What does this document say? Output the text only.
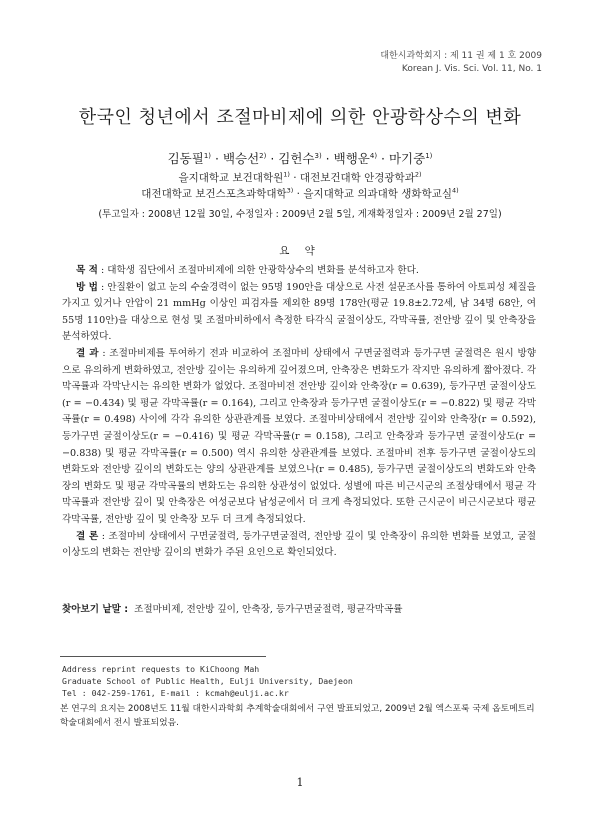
대한시과학회지 : 제 11 권 제 1 호 2009
Korean J. Vis. Sci. Vol. 11, No. 1
한국인 청년에서 조절마비제에 의한 안광학상수의 변화
김동필$^{1)}$ · 백승선$^{2)}$ · 김헌수$^{3)}$ · 백행운$^{4)}$ · 마기중$^{1)}$
을지대학교 보건대학원$^{1)}$ · 대전보건대학 안경광학과$^{2)}$
대전대학교 보건스포츠과학대학$^{3)}$ · 을지대학교 의과대학 생화학교실$^{4)}$
(투고일자 : 2008년 12월 30일, 수정일자 : 2009년 2월 5일, 게재확정일자 : 2009년 2월 27일)
요 약

목 적 : 대학생 집단에서 조절마비제에 의한 안광학상수의 변화를 분석하고자 한다.

방 법 : 안질환이 없고 눈의 수술경력이 없는 95명 190안을 대상으로 사전 설문조사를 통하여 아토피성 체질을 가지고 있거나 안압이 21 mmHg 이상인 피검자를 제외한 89명 178안(평균 19.8±2.72세, 남 34명 68안, 여 55명 110안)을 대상으로 현성 및 조절마비하에서 측정한 타각식 굴절이상도, 각막곡률, 전안방 깊이 및 안축장을 분석하였다.

결 과 : 조절마비제를 투여하기 전과 비교하여 조절마비 상태에서 구면굴절력과 등가구면 굴절력은 원시 방향으로 유의하게 변화하였고, 전안방 깊이는 유의하게 깊어졌으며, 안축장은 변화도가 작지만 유의하게 짧아졌다. 각막곡률과 각막난시는 유의한 변화가 없었다. 조절마비전 전안방 깊이와 안축장(r = 0.639), 등가구면 굴절이상도(r = −0.434) 및 평균 각막곡률(r = 0.164), 그리고 안축장과 등가구면 굴절이상도(r = −0.822) 및 평균 각막곡률(r = 0.498) 사이에 각각 유의한 상관관계를 보였다. 조절마비상태에서 전안방 깊이와 안축장(r = 0.592), 등가구면 굴절이상도(r = −0.416) 및 평균 각막곡률(r = 0.158), 그리고 안축장과 등가구면 굴절이상도(r = −0.838) 및 평균 각막곡률(r = 0.500) 역시 유의한 상관관계를 보였다. 조절마비 전후 등가구면 굴절이상도의 변화도와 전안방 깊이의 변화도는 양의 상관관계를 보였으나(r = 0.485), 등가구면 굴절이상도의 변화도와 안축장의 변화도 및 평균 각막곡률의 변화도는 유의한 상관성이 없었다. 성별에 따른 비근시군의 조절상태에서 평균 각막곡률과 전안방 깊이 및 안축장은 여성군보다 남성군에서 더 크게 측정되었다. 또한 근시군이 비근시군보다 평균 각막곡률, 전안방 깊이 및 안축장 모두 더 크게 측정되었다.

결 론 : 조절마비 상태에서 구면굴절력, 등가구면굴절력, 전안방 깊이 및 안축장이 유의한 변화를 보였고, 굴절이상도의 변화는 전안방 깊이의 변화가 주된 요인으로 확인되었다.

찾아보기 낱말 : 조절마비제, 전안방 깊이, 안축장, 등가구면굴절력, 평균각막곡률
Address reprint requests to KiChoong Mah
Graduate School of Public Health, Eulji University, Daejeon
Tel : 042-259-1761, E-mail : kcmah@eulji.ac.kr
본 연구의 요지는 2008년도 11월 대한시과학회 추계학술대회에서 구연 발표되었고, 2009년 2월 엑스포룩 국제 옵토메트리 학술대회에서 전시 발표되었음.
1
